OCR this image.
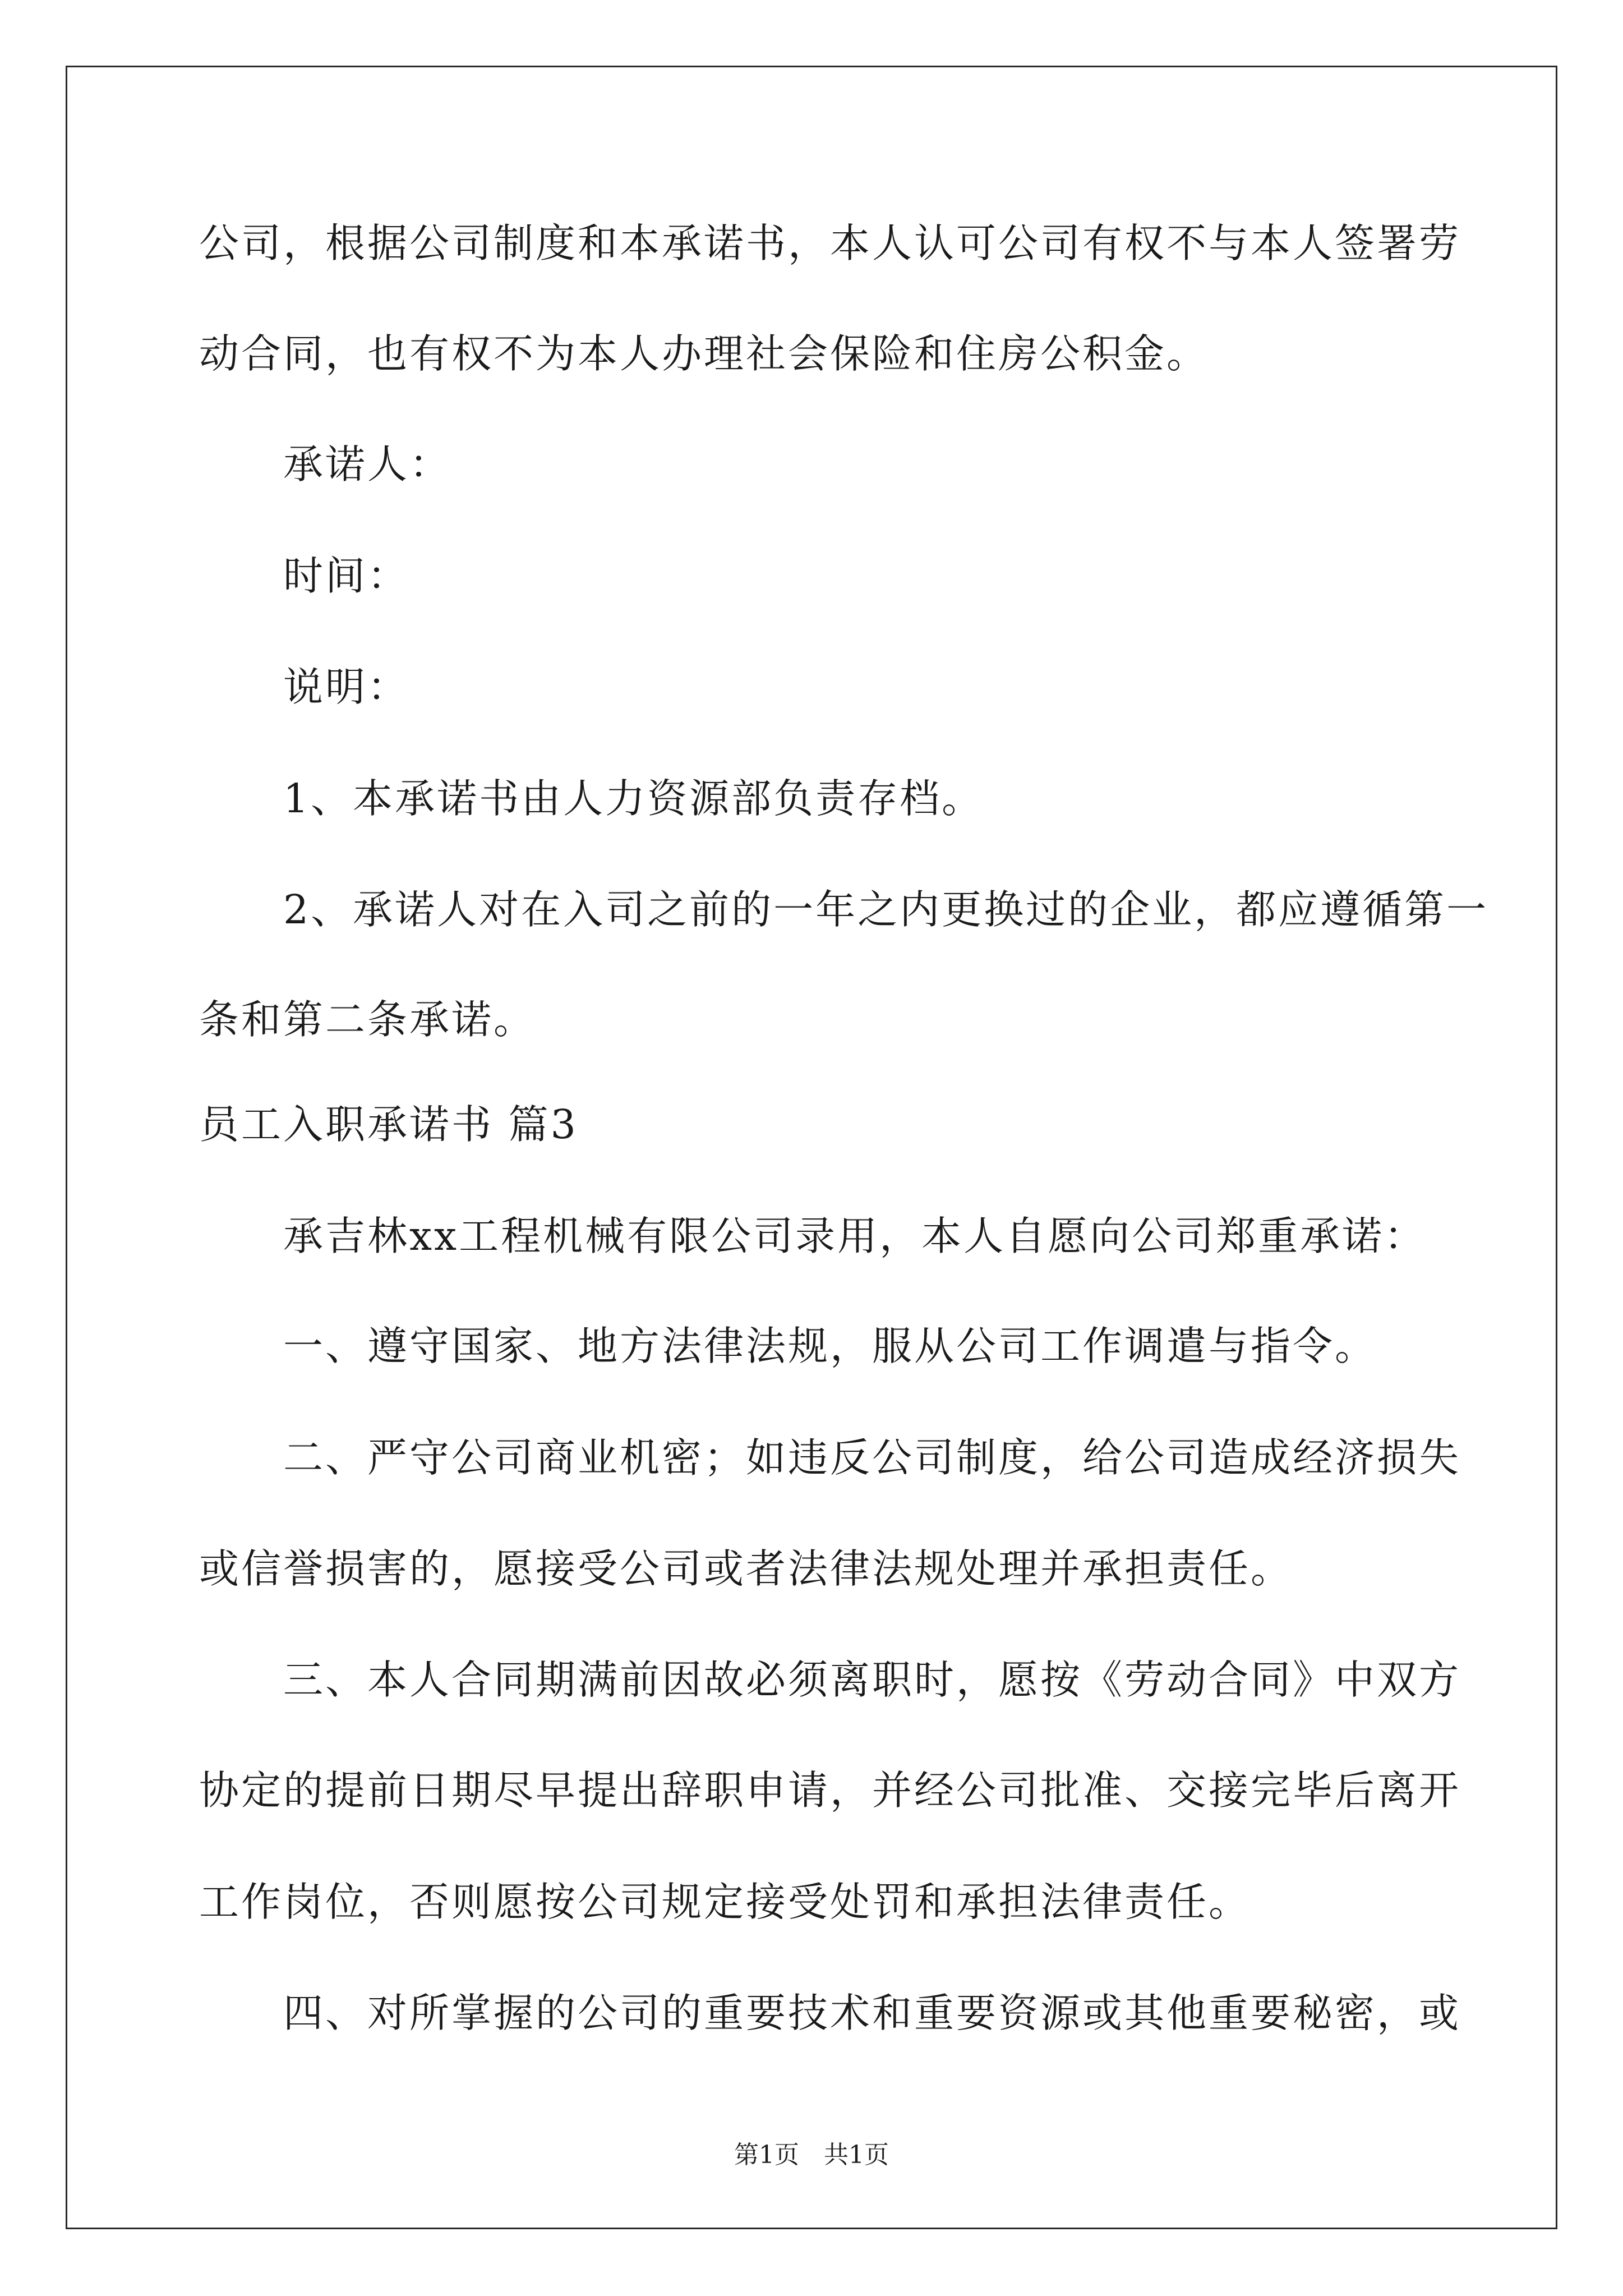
公司，根据公司制度和本承诺书，本人认可公司有权不与本人签署劳
动合同，也有权不为本人办理社会保险和住房公积金。
承诺人：
时间：
说明：
1、本承诺书由人力资源部负责存档。
2、承诺人对在入司之前的一年之内更换过的企业，都应遵循第一
条和第二条承诺。
员工入职承诺书 篇3
承吉林xx工程机械有限公司录用，本人自愿向公司郑重承诺：
一、遵守国家、地方法律法规，服从公司工作调遣与指令。
二、严守公司商业机密；如违反公司制度，给公司造成经济损失
或信誉损害的，愿接受公司或者法律法规处理并承担责任。
三、本人合同期满前因故必须离职时，愿按《劳动合同》中双方
协定的提前日期尽早提出辞职申请，并经公司批准、交接完毕后离开
工作岗位，否则愿按公司规定接受处罚和承担法律责任。
四、对所掌握的公司的重要技术和重要资源或其他重要秘密，或
第1页　共1页
